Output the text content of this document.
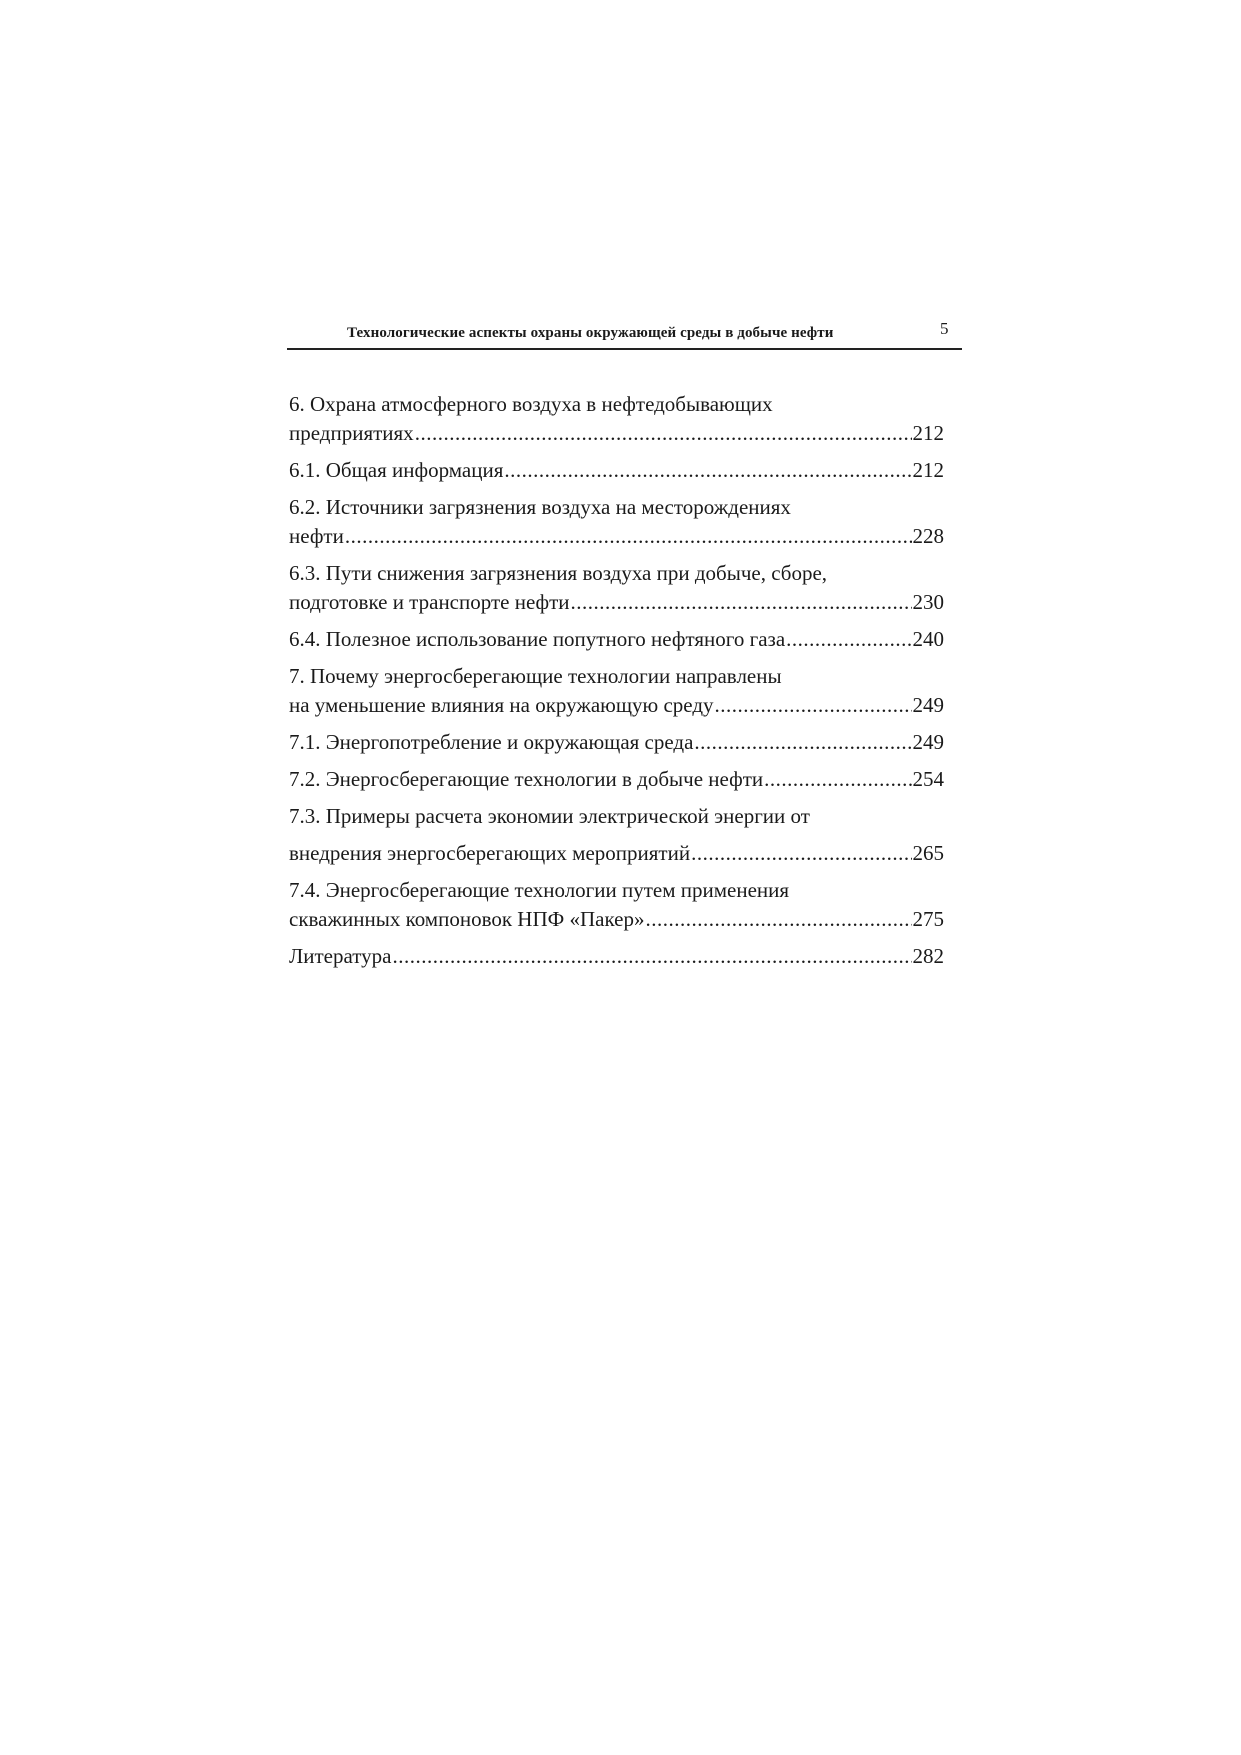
Технологические аспекты охраны окружающей среды в добыче нефти	5
6. Охрана атмосферного воздуха в нефтедобывающих
предприятиях .....	212
6.1. Общая информация .....	212
6.2. Источники загрязнения воздуха на месторождениях
нефти .....	228
6.3. Пути снижения загрязнения воздуха при добыче, сборе,
подготовке и транспорте нефти .....	230
6.4. Полезное использование попутного нефтяного газа .....	240
7. Почему энергосберегающие технологии направлены
на уменьшение влияния на окружающую среду .....	249
7.1. Энергопотребление и окружающая среда .....	249
7.2. Энергосберегающие технологии в добыче нефти .....	254
7.3. Примеры расчета экономии электрической энергии от
внедрения энергосберегающих мероприятий .....	265
7.4. Энергосберегающие технологии путем применения
скважинных компоновок НПФ «Пакер» .....	275
Литература .....	282
